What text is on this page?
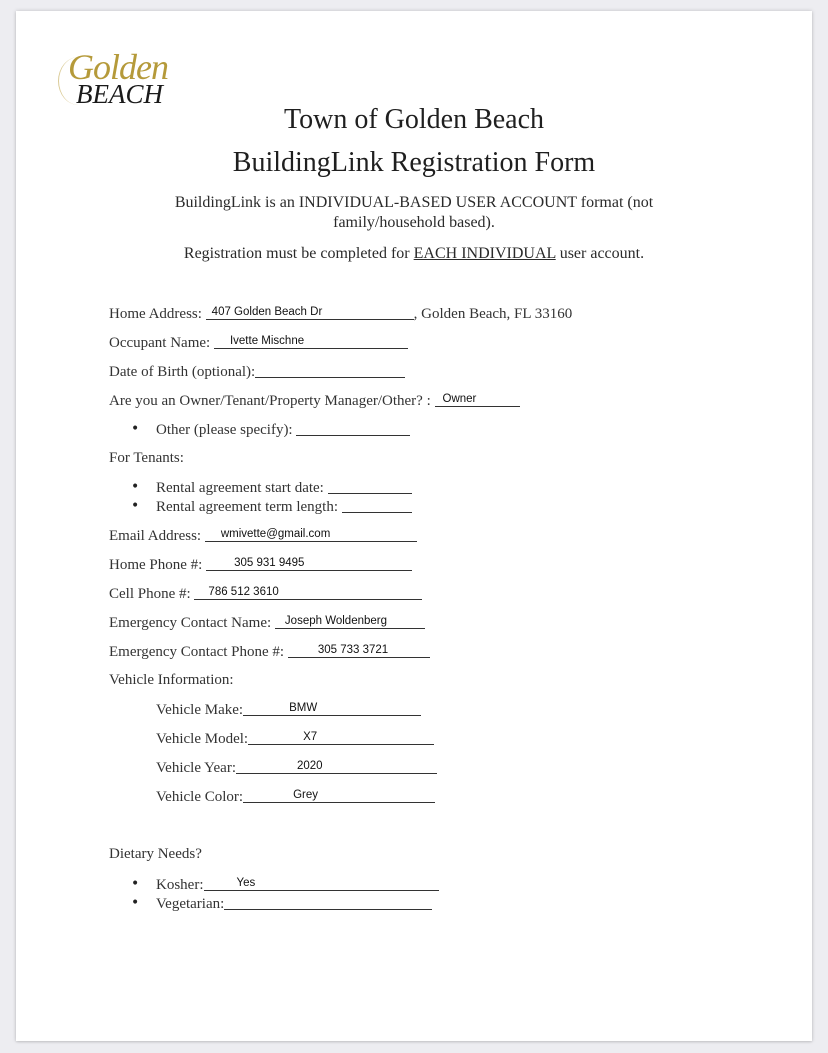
Golden
BEACH
Town of Golden Beach
BuildingLink Registration Form
BuildingLink is an INDIVIDUAL-BASED USER ACCOUNT format (not family/household based).
Registration must be completed for EACH INDIVIDUAL user account.
Home Address: 407 Golden Beach Dr	, Golden Beach, FL 33160
Occupant Name: Ivette Mischne
Date of Birth (optional):
Are you an Owner/Tenant/Property Manager/Other? : Owner
• Other (please specify):
For Tenants:
• Rental agreement start date:
• Rental agreement term length:
Email Address: wmivette@gmail.com
Home Phone #:	305 931 9495
Cell Phone #: 786 512 3610
Emergency Contact Name: Joseph Woldenberg
Emergency Contact Phone #:	305 733 3721
Vehicle Information:
Vehicle Make:	BMW
Vehicle Model:	X7
Vehicle Year:	2020
Vehicle Color:	Grey
Dietary Needs?
• Kosher:	Yes
• Vegetarian:
